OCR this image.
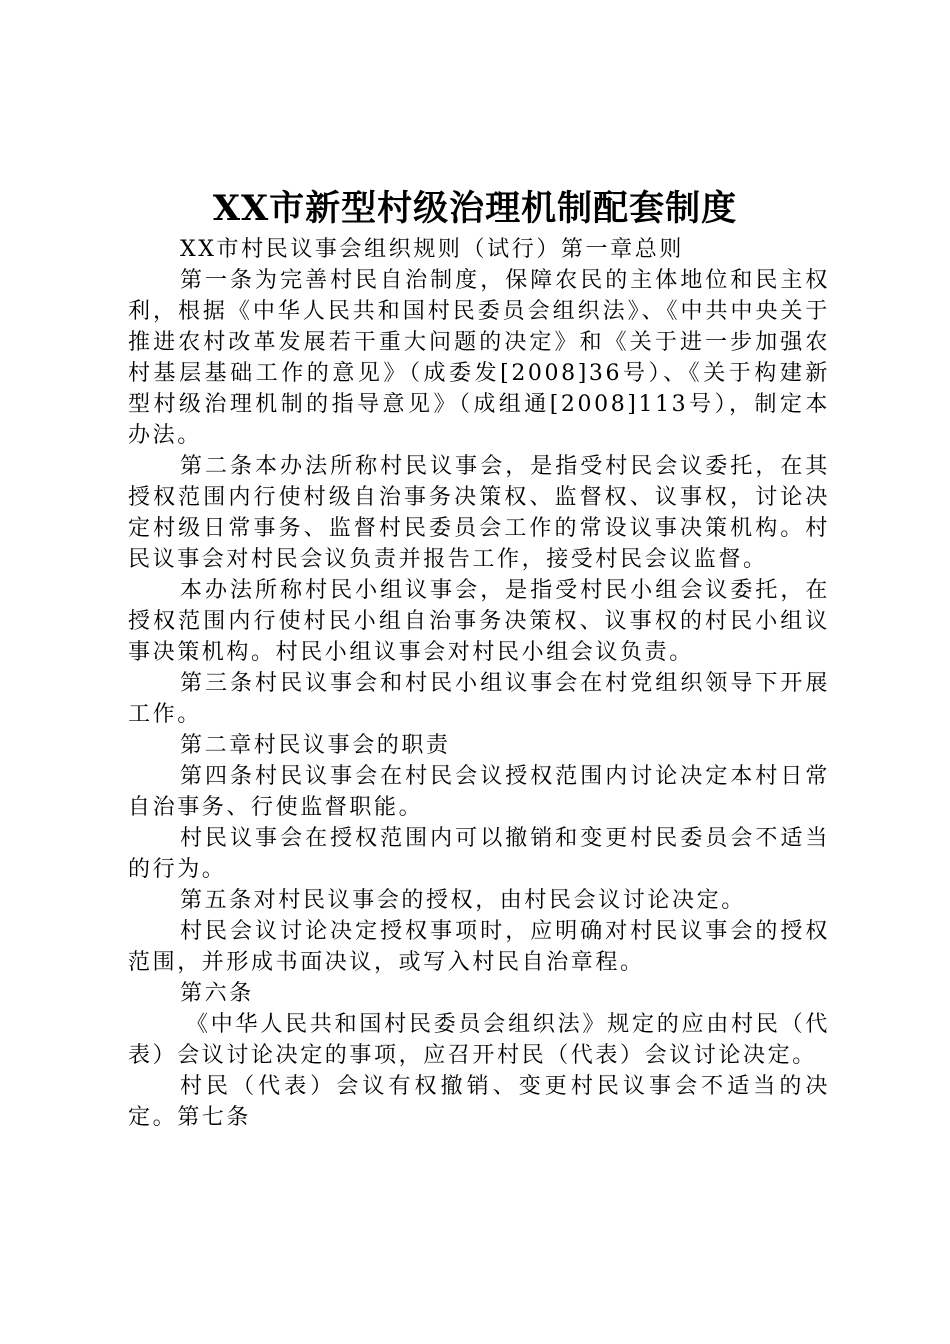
XX市新型村级治理机制配套制度

XX市村民议事会组织规则（试行）第一章总则

第一条为完善村民自治制度，保障农民的主体地位和民主权利，根据《中华人民共和国村民委员会组织法》、《中共中央关于推进农村改革发展若干重大问题的决定》和《关于进一步加强农村基层基础工作的意见》（成委发[2008]36号）、《关于构建新型村级治理机制的指导意见》（成组通[2008]113号），制定本办法。

第二条本办法所称村民议事会，是指受村民会议委托，在其授权范围内行使村级自治事务决策权、监督权、议事权，讨论决定村级日常事务、监督村民委员会工作的常设议事决策机构。村民议事会对村民会议负责并报告工作，接受村民会议监督。

本办法所称村民小组议事会，是指受村民小组会议委托，在授权范围内行使村民小组自治事务决策权、议事权的村民小组议事决策机构。村民小组议事会对村民小组会议负责。

第三条村民议事会和村民小组议事会在村党组织领导下开展工作。

第二章村民议事会的职责

第四条村民议事会在村民会议授权范围内讨论决定本村日常自治事务、行使监督职能。

村民议事会在授权范围内可以撤销和变更村民委员会不适当的行为。

第五条对村民议事会的授权，由村民会议讨论决定。

村民会议讨论决定授权事项时，应明确对村民议事会的授权范围，并形成书面决议，或写入村民自治章程。

第六条

《中华人民共和国村民委员会组织法》规定的应由村民（代表）会议讨论决定的事项，应召开村民（代表）会议讨论决定。

村民（代表）会议有权撤销、变更村民议事会不适当的决定。第七条
